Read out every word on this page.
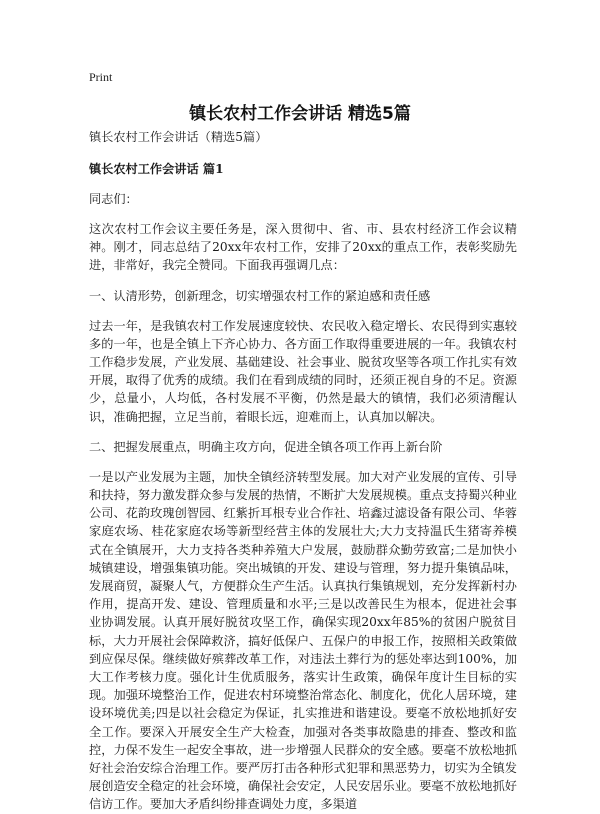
Print
镇长农村工作会讲话 精选5篇
镇长农村工作会讲话（精选5篇）
镇长农村工作会讲话 篇1
同志们：
这次农村工作会议主要任务是，深入贯彻中、省、市、县农村经济工作会议精神。刚才，同志总结了20xx年农村工作，安排了20xx的重点工作，表彰奖励先进，非常好，我完全赞同。下面我再强调几点：
一、认清形势，创新理念，切实增强农村工作的紧迫感和责任感
过去一年，是我镇农村工作发展速度较快、农民收入稳定增长、农民得到实惠较多的一年，也是全镇上下齐心协力、各方面工作取得重要进展的一年。我镇农村工作稳步发展，产业发展、基础建设、社会事业、脱贫攻坚等各项工作扎实有效开展，取得了优秀的成绩。我们在看到成绩的同时，还须正视自身的不足。资源少，总量小，人均低，各村发展不平衡，仍然是最大的镇情，我们必须清醒认识，准确把握，立足当前，着眼长远，迎难而上，认真加以解决。
二、把握发展重点，明确主攻方向，促进全镇各项工作再上新台阶
一是以产业发展为主题，加快全镇经济转型发展。加大对产业发展的宣传、引导和扶持，努力激发群众参与发展的热情，不断扩大发展规模。重点支持蜀兴种业公司、花韵玫瑰创智园、红紫折耳根专业合作社、培鑫过滤设备有限公司、华蓉家庭农场、桂花家庭农场等新型经营主体的发展壮大;大力支持温氏生猪寄养模式在全镇展开，大力支持各类种养殖大户发展，鼓励群众勤劳致富;二是加快小城镇建设，增强集镇功能。突出城镇的开发、建设与管理，努力提升集镇品味，发展商贸，凝聚人气，方便群众生产生活。认真执行集镇规划，充分发挥新村办作用，提高开发、建设、管理质量和水平;三是以改善民生为根本，促进社会事业协调发展。认真开展好脱贫攻坚工作，确保实现20xx年85%的贫困户脱贫目标，大力开展社会保障救济，搞好低保户、五保户的申报工作，按照相关政策做到应保尽保。继续做好殡葬改革工作，对违法土葬行为的惩处率达到100%，加大工作考核力度。强化计生优质服务，落实计生政策，确保年度计生目标的实现。加强环境整治工作，促进农村环境整治常态化、制度化，优化人居环境，建设环境优美;四是以社会稳定为保证，扎实推进和谐建设。要毫不放松地抓好安全工作。要深入开展安全生产大检查，加强对各类事故隐患的排查、整改和监控，力保不发生一起安全事故，进一步增强人民群众的安全感。要毫不放松地抓好社会治安综合治理工作。要严厉打击各种形式犯罪和黑恶势力，切实为全镇发展创造安全稳定的社会环境，确保社会安定，人民安居乐业。要毫不放松地抓好信访工作。要加大矛盾纠纷排查调处力度，多渠道
